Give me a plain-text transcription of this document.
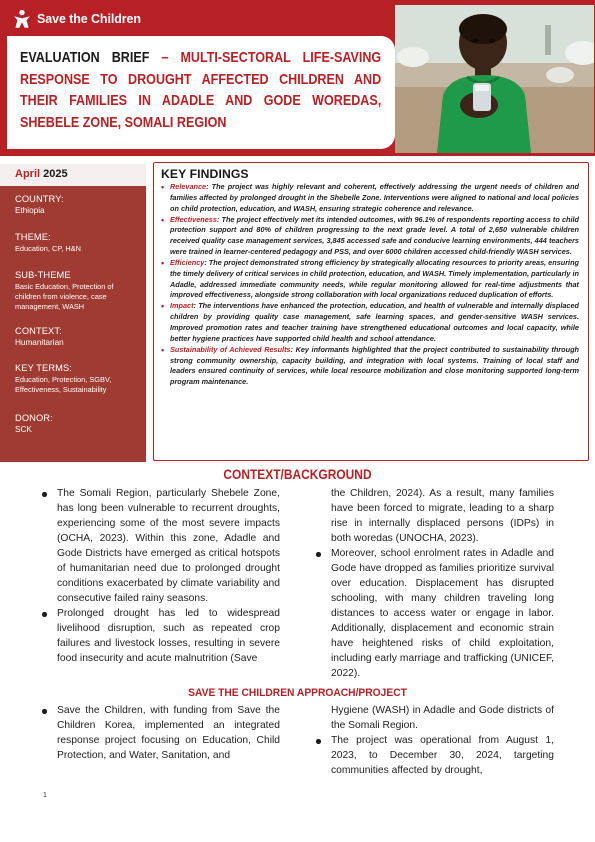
Save the Children
EVALUATION BRIEF – MULTI-SECTORAL LIFE-SAVING RESPONSE TO DROUGHT AFFECTED CHILDREN AND THEIR FAMILIES IN ADADLE AND GODE WOREDAS, SHEBELE ZONE, SOMALI REGION
April 2025
COUNTRY:
Ethiopia
THEME:
Education, CP, H&N
SUB-THEME
Basic Education, Protection of children from violence, case management, WASH
CONTEXT:
Humanitarian
KEY TERMS:
Education, Protection, SGBV, Effectiveness, Sustainability
DONOR:
SCK
KEY FINDINGS
• Relevance: The project was highly relevant and coherent, effectively addressing the urgent needs of children and families affected by prolonged drought in the Shebelle Zone. Interventions were aligned to national and local policies on child protection, education, and WASH, ensuring strategic coherence and relevance.
• Effectiveness: The project effectively met its intended outcomes, with 96.1% of respondents reporting access to child protection support and 80% of children progressing to the next grade level. A total of 2,650 vulnerable children received quality case management services, 3,845 accessed safe and conducive learning environments, 444 teachers were trained in learner-centered pedagogy and PSS, and over 6000 children accessed child-friendly WASH services.
• Efficiency: The project demonstrated strong efficiency by strategically allocating resources to priority areas, ensuring the timely delivery of critical services in child protection, education, and WASH. Timely implementation, particularly in Adadle, addressed immediate community needs, while regular monitoring allowed for real-time adjustments that improved effectiveness, alongside strong collaboration with local organizations reduced duplication of efforts.
• Impact: The interventions have enhanced the protection, education, and health of vulnerable and internally displaced children by providing quality case management, safe learning spaces, and gender-sensitive WASH services. Improved promotion rates and teacher training have strengthened educational outcomes and local capacity, while better hygiene practices have supported child health and school attendance.
• Sustainability of Achieved Results: Key informants highlighted that the project contributed to sustainability through strong community ownership, capacity building, and integration with local systems. Training of local staff and leaders ensured continuity of services, while local resource mobilization and close monitoring supported long-term program maintenance.
CONTEXT/BACKGROUND
The Somali Region, particularly Shebele Zone, has long been vulnerable to recurrent droughts, experiencing some of the most severe impacts (OCHA, 2023). Within this zone, Adadle and Gode Districts have emerged as critical hotspots of humanitarian need due to prolonged drought conditions exacerbated by climate variability and consecutive failed rainy seasons.
Prolonged drought has led to widespread livelihood disruption, such as repeated crop failures and livestock losses, resulting in severe food insecurity and acute malnutrition (Save
the Children, 2024). As a result, many families have been forced to migrate, leading to a sharp rise in internally displaced persons (IDPs) in both woredas (UNOCHA, 2023).
Moreover, school enrolment rates in Adadle and Gode have dropped as families prioritize survival over education. Displacement has disrupted schooling, with many children traveling long distances to access water or engage in labor. Additionally, displacement and economic strain have heightened risks of child exploitation, including early marriage and trafficking (UNICEF, 2022).
SAVE THE CHILDREN APPROACH/PROJECT
Save the Children, with funding from Save the Children Korea, implemented an integrated response project focusing on Education, Child Protection, and Water, Sanitation, and
Hygiene (WASH) in Adadle and Gode districts of the Somali Region.
The project was operational from August 1, 2023, to December 30, 2024, targeting communities affected by drought,
1
